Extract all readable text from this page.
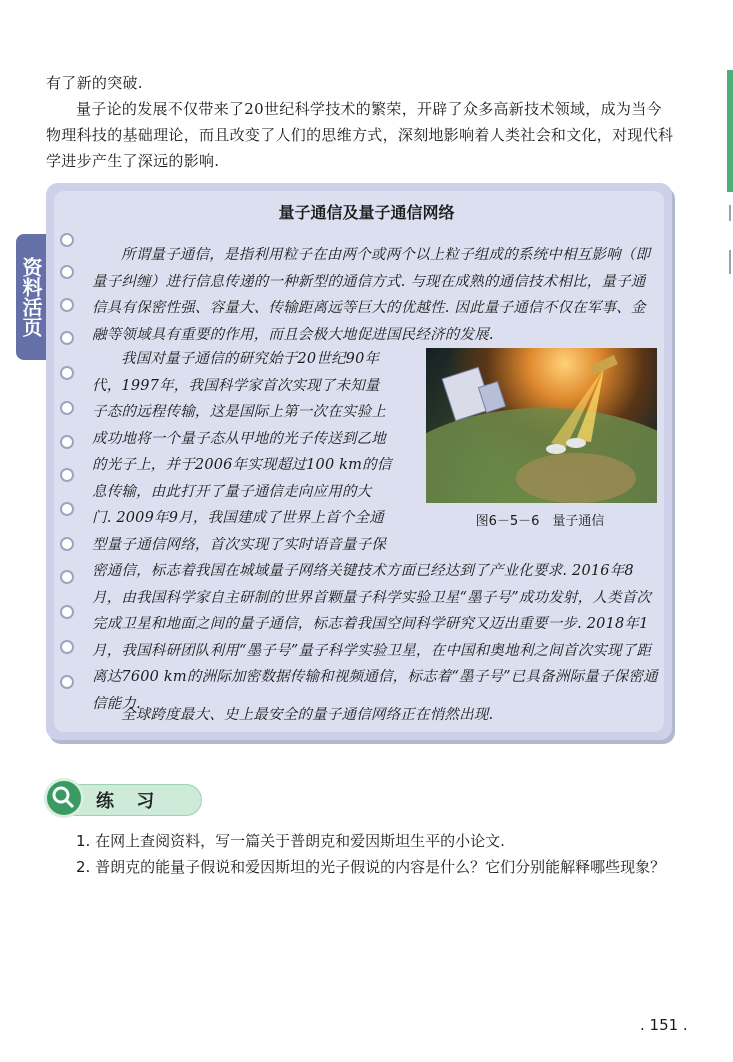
有了新的突破.
量子论的发展不仅带来了20世纪科学技术的繁荣，开辟了众多高新技术领域，成为当今物理科技的基础理论，而且改变了人们的思维方式，深刻地影响着人类社会和文化，对现代科学进步产生了深远的影响.
资料活页
量子通信及量子通信网络
所谓量子通信，是指利用粒子在由两个或两个以上粒子组成的系统中相互影响（即量子纠缠）进行信息传递的一种新型的通信方式. 与现在成熟的通信技术相比，量子通信具有保密性强、容量大、传输距离远等巨大的优越性. 因此量子通信不仅在军事、金融等领域具有重要的作用，而且会极大地促进国民经济的发展.
我国对量子通信的研究始于20世纪90年
代，1997年，我国科学家首次实现了未知量
子态的远程传输，这是国际上第一次在实验上
成功地将一个量子态从甲地的光子传送到乙地
的光子上，并于2006年实现超过100 km的信
息传输，由此打开了量子通信走向应用的大
门. 2009年9月，我国建成了世界上首个全通
型量子通信网络，首次实现了实时语音量子保
密通信，标志着我国在城域量子网络关键技术方面已经达到了产业化要求. 2016年8月，由我国科学家自主研制的世界首颗量子科学实验卫星“墨子号”成功发射，人类首次完成卫星和地面之间的量子通信，标志着我国空间科学研究又迈出重要一步. 2018年1月，我国科研团队利用“墨子号”量子科学实验卫星，在中国和奥地利之间首次实现了距离达7600 km的洲际加密数据传输和视频通信，标志着“墨子号”已具备洲际量子保密通信能力.
全球跨度最大、史上最安全的量子通信网络正在悄然出现.
图6－5－6　量子通信
练 习
1. 在网上查阅资料，写一篇关于普朗克和爱因斯坦生平的小论文.
2. 普朗克的能量子假说和爱因斯坦的光子假说的内容是什么？它们分别能解释哪些现象？
. 151 .
